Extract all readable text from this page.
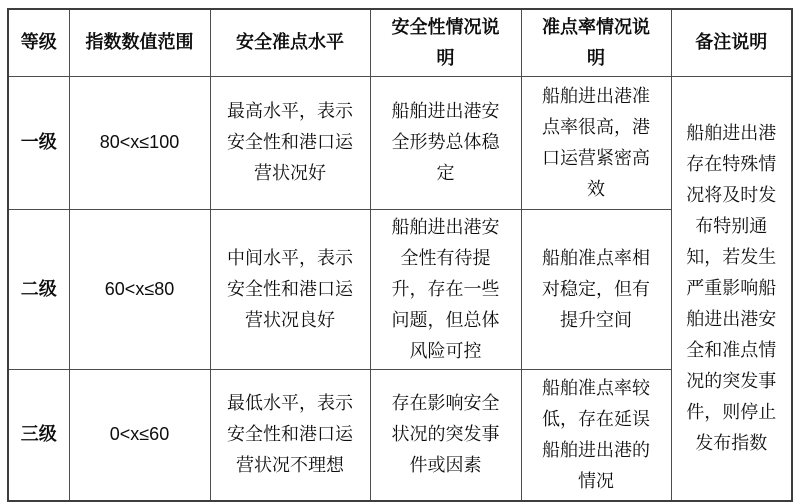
等级	指数数值范围	安全准点水平	安全性情况说明	准点率情况说明	备注说明
一级	80<x≤100	最高水平，表示安全性和港口运营状况好	船舶进出港安全形势总体稳定	船舶进出港准点率很高，港口运营紧密高效	船舶进出港存在特殊情况将及时发布特别通知，若发生严重影响船舶进出港安全和准点情况的突发事件，则停止发布指数
二级	60<x≤80	中间水平，表示安全性和港口运营状况良好	船舶进出港安全性有待提升，存在一些问题，但总体风险可控	船舶准点率相对稳定，但有提升空间	
三级	0<x≤60	最低水平，表示安全性和港口运营状况不理想	存在影响安全状况的突发事件或因素	船舶准点率较低，存在延误船舶进出港的情况	
